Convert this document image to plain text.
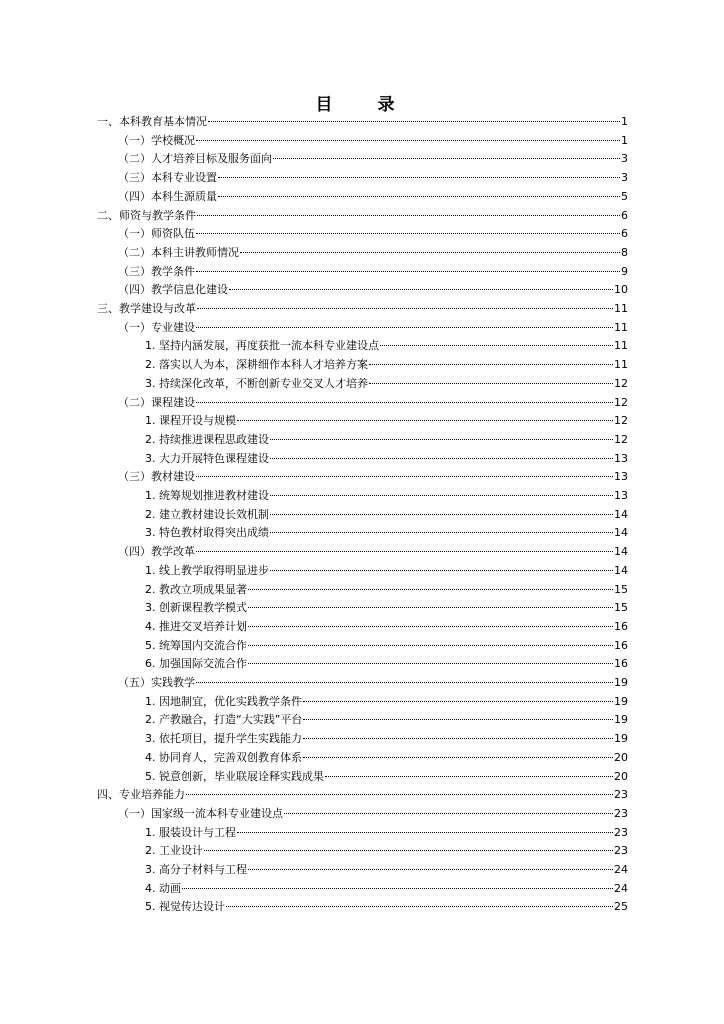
目　录
一、本科教育基本情况	1
（一）学校概况	1
（二）人才培养目标及服务面向	3
（三）本科专业设置	3
（四）本科生源质量	5
二、师资与教学条件	6
（一）师资队伍	6
（二）本科主讲教师情况	8
（三）教学条件	9
（四）教学信息化建设	10
三、教学建设与改革	11
（一）专业建设	11
1. 坚持内涵发展，再度获批一流本科专业建设点	11
2. 落实以人为本，深耕细作本科人才培养方案	11
3. 持续深化改革，不断创新专业交叉人才培养	12
（二）课程建设	12
1. 课程开设与规模	12
2. 持续推进课程思政建设	12
3. 大力开展特色课程建设	13
（三）教材建设	13
1. 统筹规划推进教材建设	13
2. 建立教材建设长效机制	14
3. 特色教材取得突出成绩	14
（四）教学改革	14
1. 线上教学取得明显进步	14
2. 教改立项成果显著	15
3. 创新课程教学模式	15
4. 推进交叉培养计划	16
5. 统筹国内交流合作	16
6. 加强国际交流合作	16
（五）实践教学	19
1. 因地制宜，优化实践教学条件	19
2. 产教融合，打造“大实践”平台	19
3. 依托项目，提升学生实践能力	19
4. 协同育人，完善双创教育体系	20
5. 锐意创新，毕业联展诠释实践成果	20
四、专业培养能力	23
（一）国家级一流本科专业建设点	23
1. 服装设计与工程	23
2. 工业设计	23
3. 高分子材料与工程	24
4. 动画	24
5. 视觉传达设计	25
